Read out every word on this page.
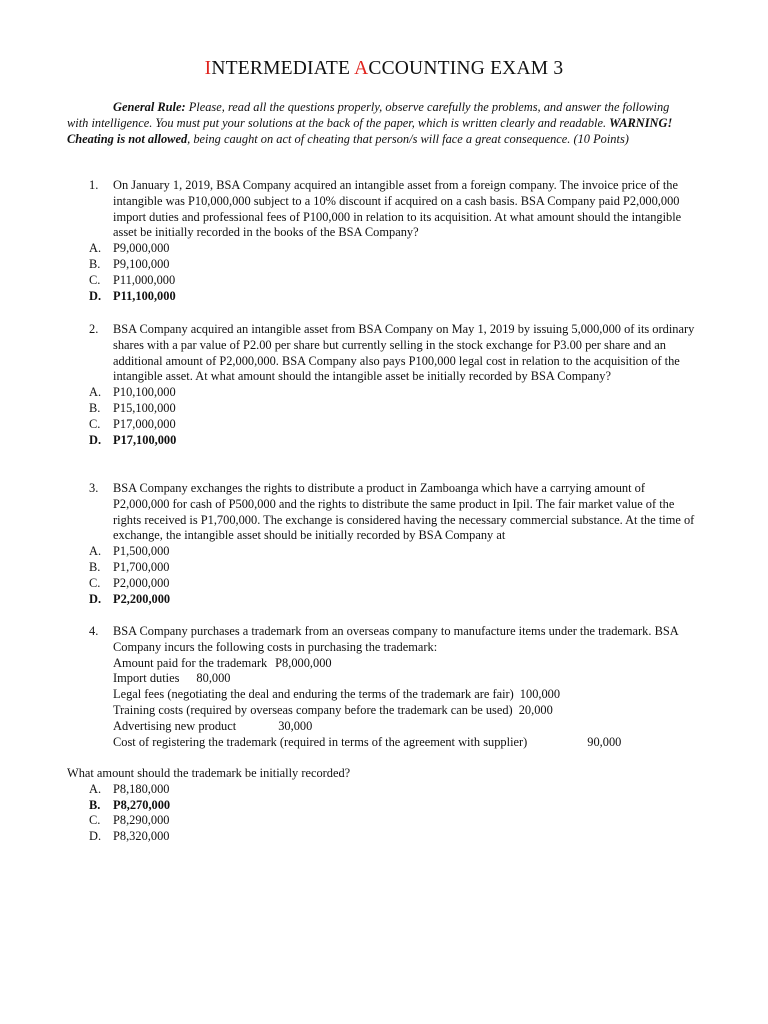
INTERMEDIATE ACCOUNTING EXAM 3

General Rule: Please, read all the questions properly, observe carefully the problems, and answer the following with intelligence. You must put your solutions at the back of the paper, which is written clearly and readable. WARNING! Cheating is not allowed, being caught on act of cheating that person/s will face a great consequence. (10 Points)

1.	On January 1, 2019, BSA Company acquired an intangible asset from a foreign company. The invoice price of the intangible was P10,000,000 subject to a 10% discount if acquired on a cash basis. BSA Company paid P2,000,000 import duties and professional fees of P100,000 in relation to its acquisition. At what amount should the intangible asset be initially recorded in the books of the BSA Company?
A. P9,000,000
B.	P9,100,000
C.	P11,000,000
D. P11,100,000
2.	BSA Company acquired an intangible asset from BSA Company on May 1, 2019 by issuing 5,000,000 of its ordinary shares with a par value of P2.00 per share but currently selling in the stock exchange for P3.00 per share and an additional amount of P2,000,000. BSA Company also pays P100,000 legal cost in relation to the acquisition of the intangible asset. At what amount should the intangible asset be initially recorded by BSA Company?
A. P10,100,000
B.	P15,100,000
C.	P17,000,000
D. P17,100,000
3.	BSA Company exchanges the rights to distribute a product in Zamboanga which have a carrying amount of P2,000,000 for cash of P500,000 and the rights to distribute the same product in Ipil. The fair market value of the rights received is P1,700,000. The exchange is considered having the necessary commercial substance. At the time of exchange, the intangible asset should be initially recorded by BSA Company at
A. P1,500,000
B.	P1,700,000
C.	P2,000,000
D. P2,200,000
4.	BSA Company purchases a trademark from an overseas company to manufacture items under the trademark. BSA Company incurs the following costs in purchasing the trademark:
Amount paid for the trademark P8,000,000
Import duties 80,000
Legal fees (negotiating the deal and enduring the terms of the trademark are fair) 100,000
Training costs (required by overseas company before the trademark can be used) 20,000
Advertising new product	30,000
Cost of registering the trademark (required in terms of the agreement with supplier)	90,000
What amount should the trademark be initially recorded?
A. P8,180,000
B.	P8,270,000
C.	P8,290,000
D. P8,320,000
